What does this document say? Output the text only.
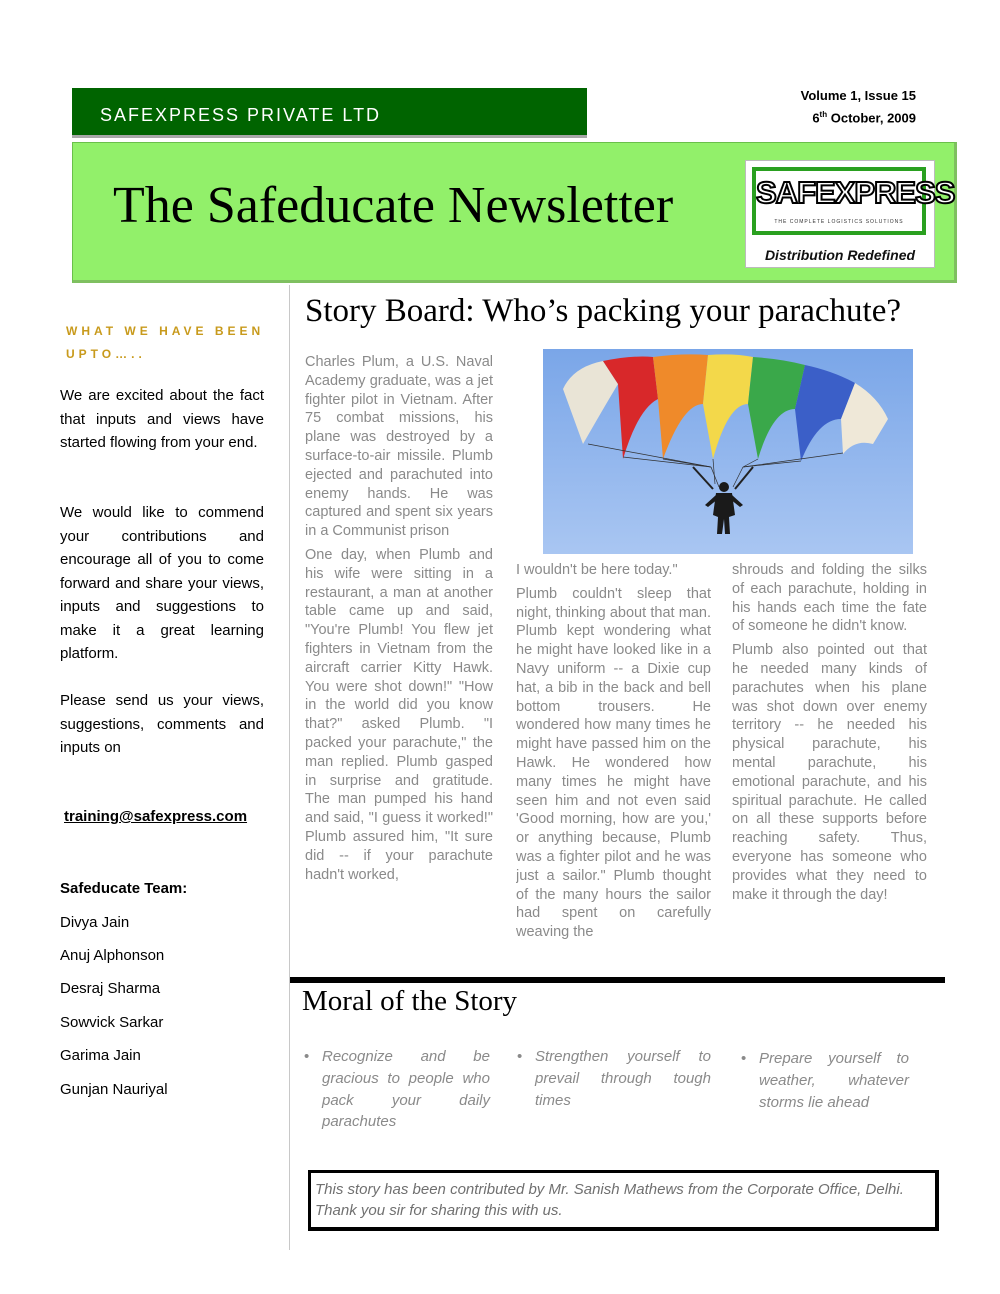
SAFEXPRESS PRIVATE LTD
Volume 1, Issue 15
6th October, 2009
The Safeducate Newsletter	SAFEXPRESS
THE COMPLETE LOGISTICS SOLUTIONS
Distribution Redefined
WHAT WE HAVE BEEN UPTO…..
We are excited about the fact that inputs and views have started flowing from your end.
We would like to commend your contributions and encourage all of you to come forward and share your views, inputs and suggestions to make it a great learning platform.
Please send us your views, suggestions, comments and inputs on
training@safexpress.com
Safeducate Team:
Divya Jain
Anuj Alphonson
Desraj Sharma
Sowvick Sarkar
Garima Jain
Gunjan Nauriyal
Story Board: Who’s packing your parachute?

Charles Plum, a U.S. Naval Academy graduate, was a jet fighter pilot in Vietnam. After 75 combat missions, his plane was destroyed by a surface-to-air missile. Plumb ejected and parachuted into enemy hands. He was captured and spent six years in a Communist prison

One day, when Plumb and his wife were sitting in a restaurant, a man at another table came up and said, "You're Plumb! You flew jet fighters in Vietnam from the aircraft carrier Kitty Hawk. You were shot down!" "How in the world did you know that?" asked Plumb. "I packed your parachute," the man replied. Plumb gasped in surprise and gratitude. The man pumped his hand and said, "I guess it worked!" Plumb assured him, "It sure did -- if your parachute hadn't worked,

I wouldn't be here today."

Plumb couldn't sleep that night, thinking about that man. Plumb kept wondering what he might have looked like in a Navy uniform -- a Dixie cup hat, a bib in the back and bell bottom trousers. He wondered how many times he might have passed him on the Hawk. He wondered how many times he might have seen him and not even said 'Good morning, how are you,' or anything because, Plumb was a fighter pilot and he was just a sailor." Plumb thought of the many hours the sailor had spent on carefully weaving the

shrouds and folding the silks of each parachute, holding in his hands each time the fate of someone he didn't know.

Plumb also pointed out that he needed many kinds of parachutes when his plane was shot down over enemy territory -- he needed his physical parachute, his mental parachute, his emotional parachute, and his spiritual parachute. He called on all these supports before reaching safety. Thus, everyone has someone who provides what they need to make it through the day!

Moral of the Story
• Recognize and be gracious to people who pack your daily parachutes
• Strengthen yourself to prevail through tough times
• Prepare yourself to weather, whatever storms lie ahead
This story has been contributed by Mr. Sanish Mathews from the Corporate Office, Delhi. Thank you sir for sharing this with us.
